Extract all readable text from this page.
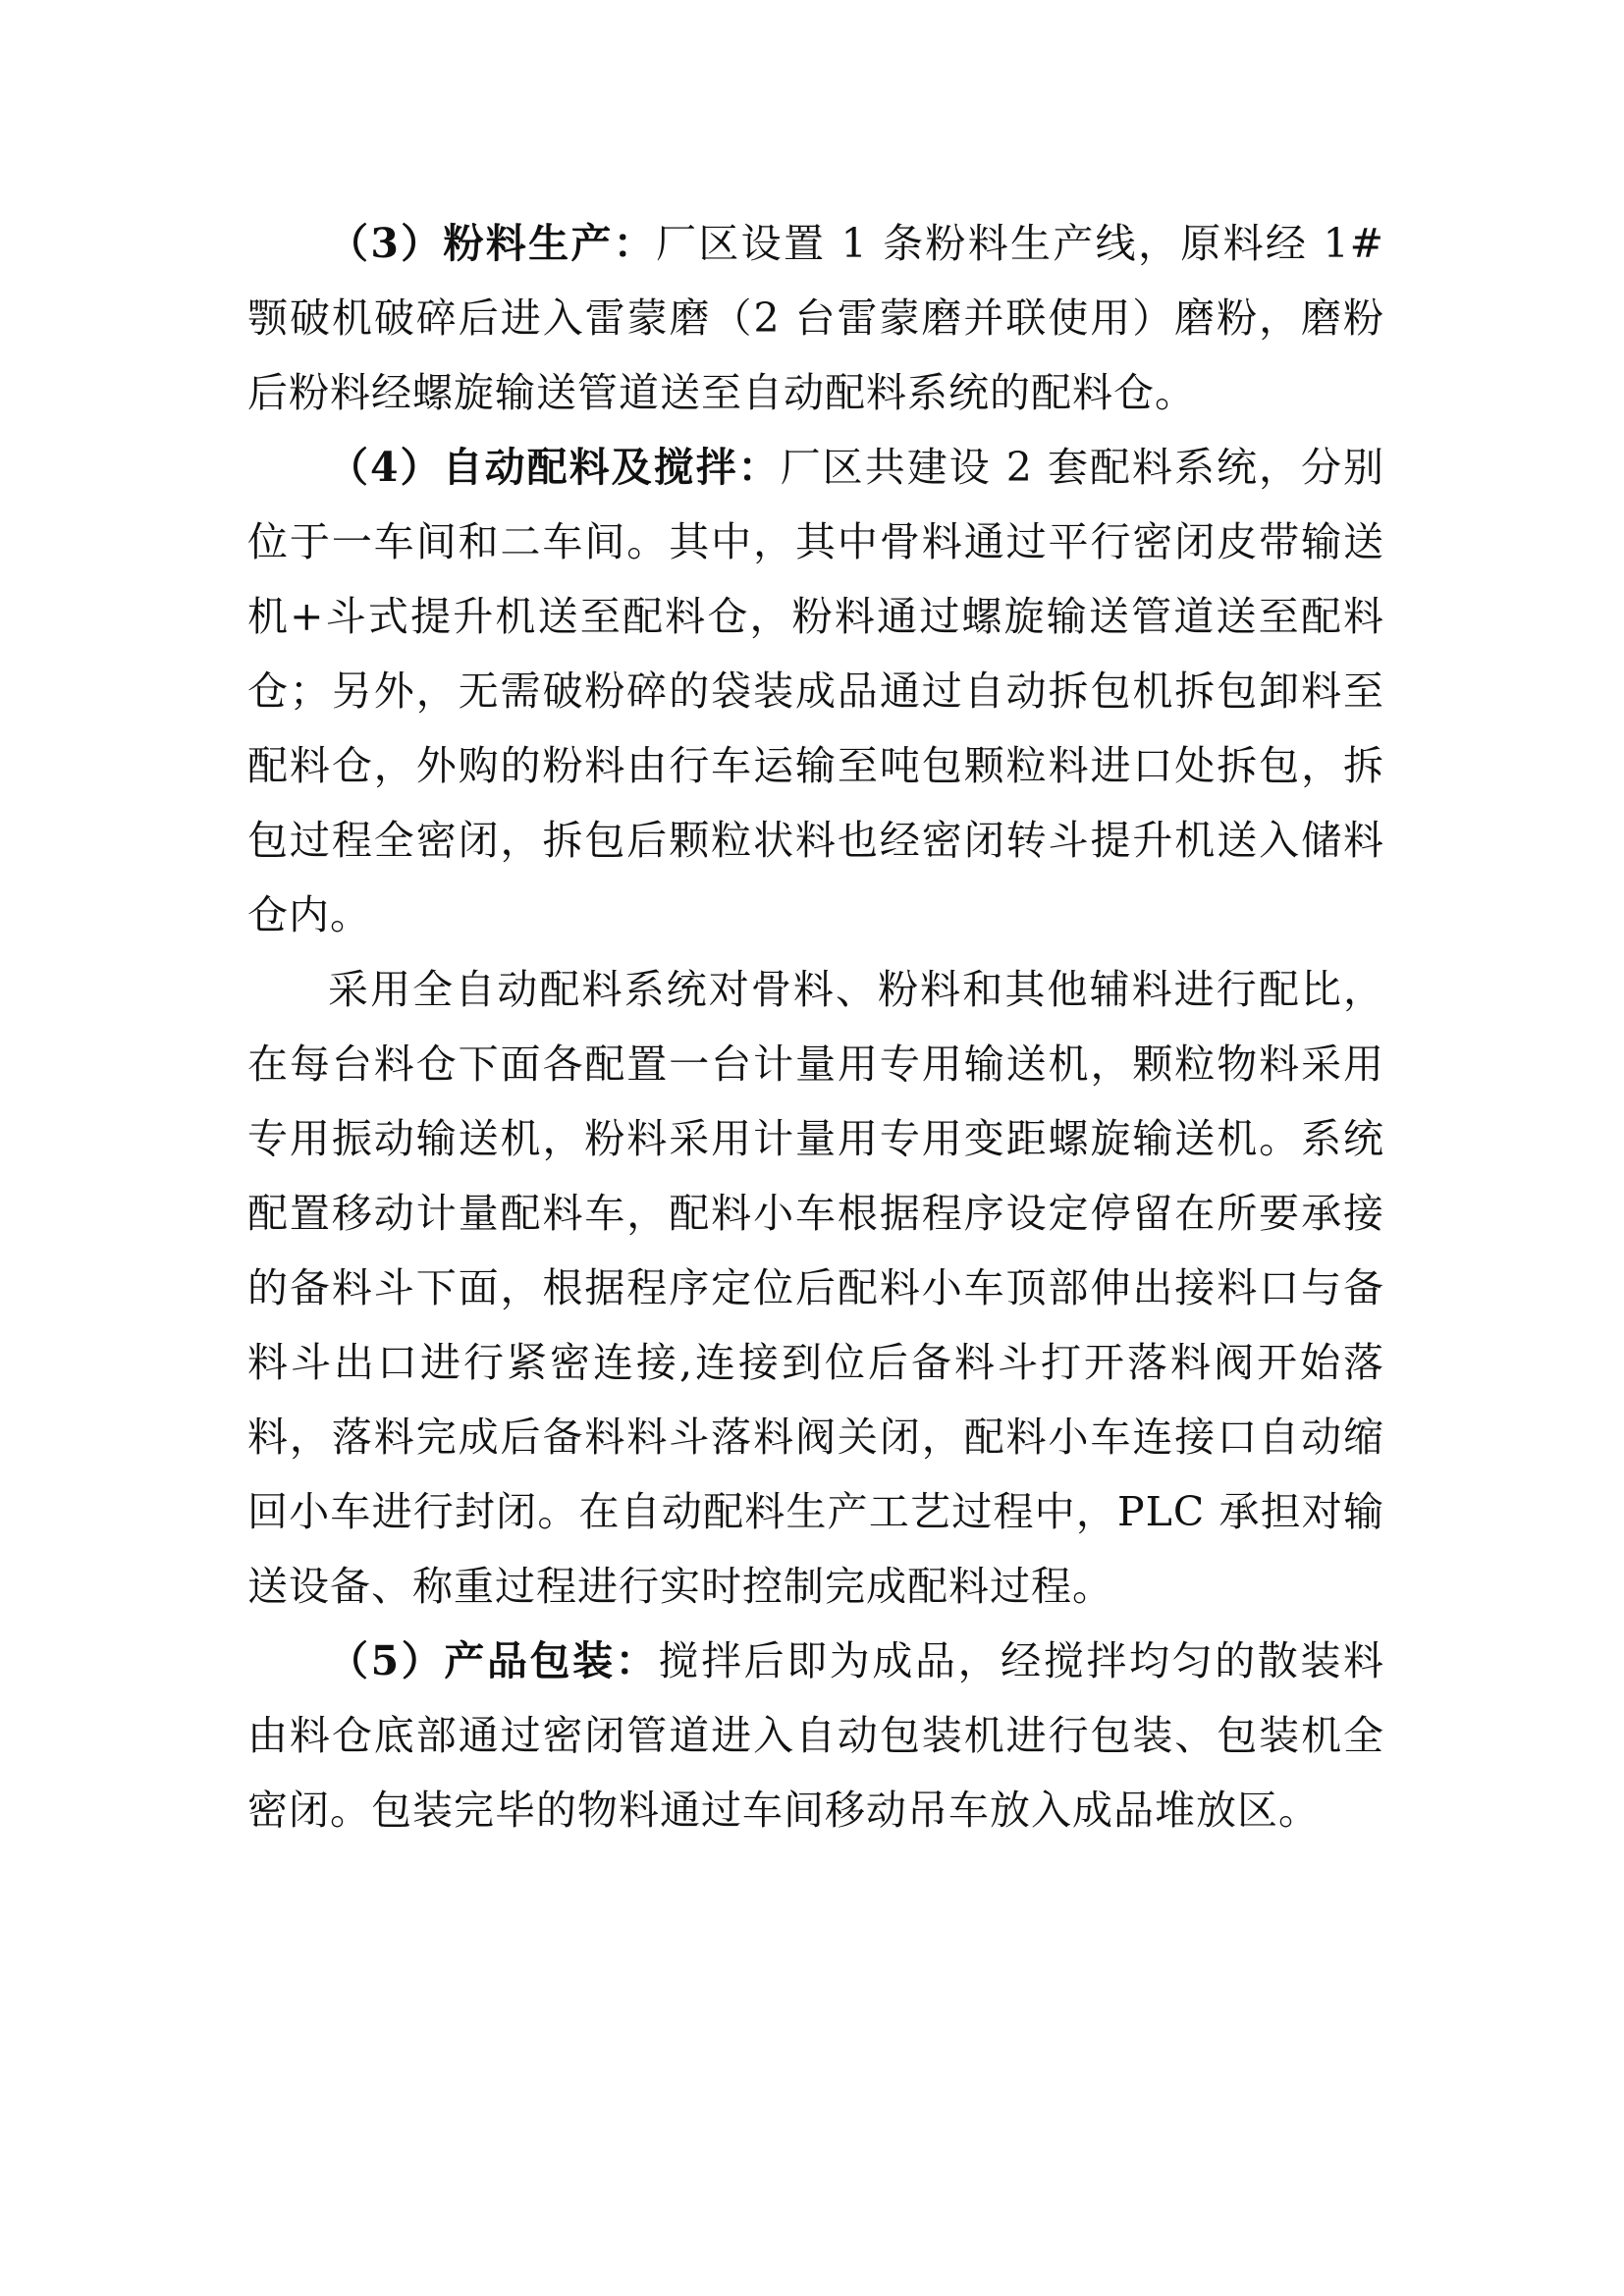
（3）粉料生产：厂区设置 1 条粉料生产线，原料经 1#颚破机破碎后进入雷蒙磨（2 台雷蒙磨并联使用）磨粉，磨粉后粉料经螺旋输送管道送至自动配料系统的配料仓。

（4）自动配料及搅拌：厂区共建设 2 套配料系统，分别位于一车间和二车间。其中，其中骨料通过平行密闭皮带输送机+斗式提升机送至配料仓，粉料通过螺旋输送管道送至配料仓；另外，无需破粉碎的袋装成品通过自动拆包机拆包卸料至配料仓，外购的粉料由行车运输至吨包颗粒料进口处拆包，拆包过程全密闭，拆包后颗粒状料也经密闭转斗提升机送入储料仓内。

采用全自动配料系统对骨料、粉料和其他辅料进行配比，在每台料仓下面各配置一台计量用专用输送机，颗粒物料采用专用振动输送机，粉料采用计量用专用变距螺旋输送机。系统配置移动计量配料车，配料小车根据程序设定停留在所要承接的备料斗下面，根据程序定位后配料小车顶部伸出接料口与备料斗出口进行紧密连接,连接到位后备料斗打开落料阀开始落料，落料完成后备料料斗落料阀关闭，配料小车连接口自动缩回小车进行封闭。在自动配料生产工艺过程中，PLC 承担对输送设备、称重过程进行实时控制完成配料过程。

（5）产品包装：搅拌后即为成品，经搅拌均匀的散装料由料仓底部通过密闭管道进入自动包装机进行包装、包装机全密闭。包装完毕的物料通过车间移动吊车放入成品堆放区。
